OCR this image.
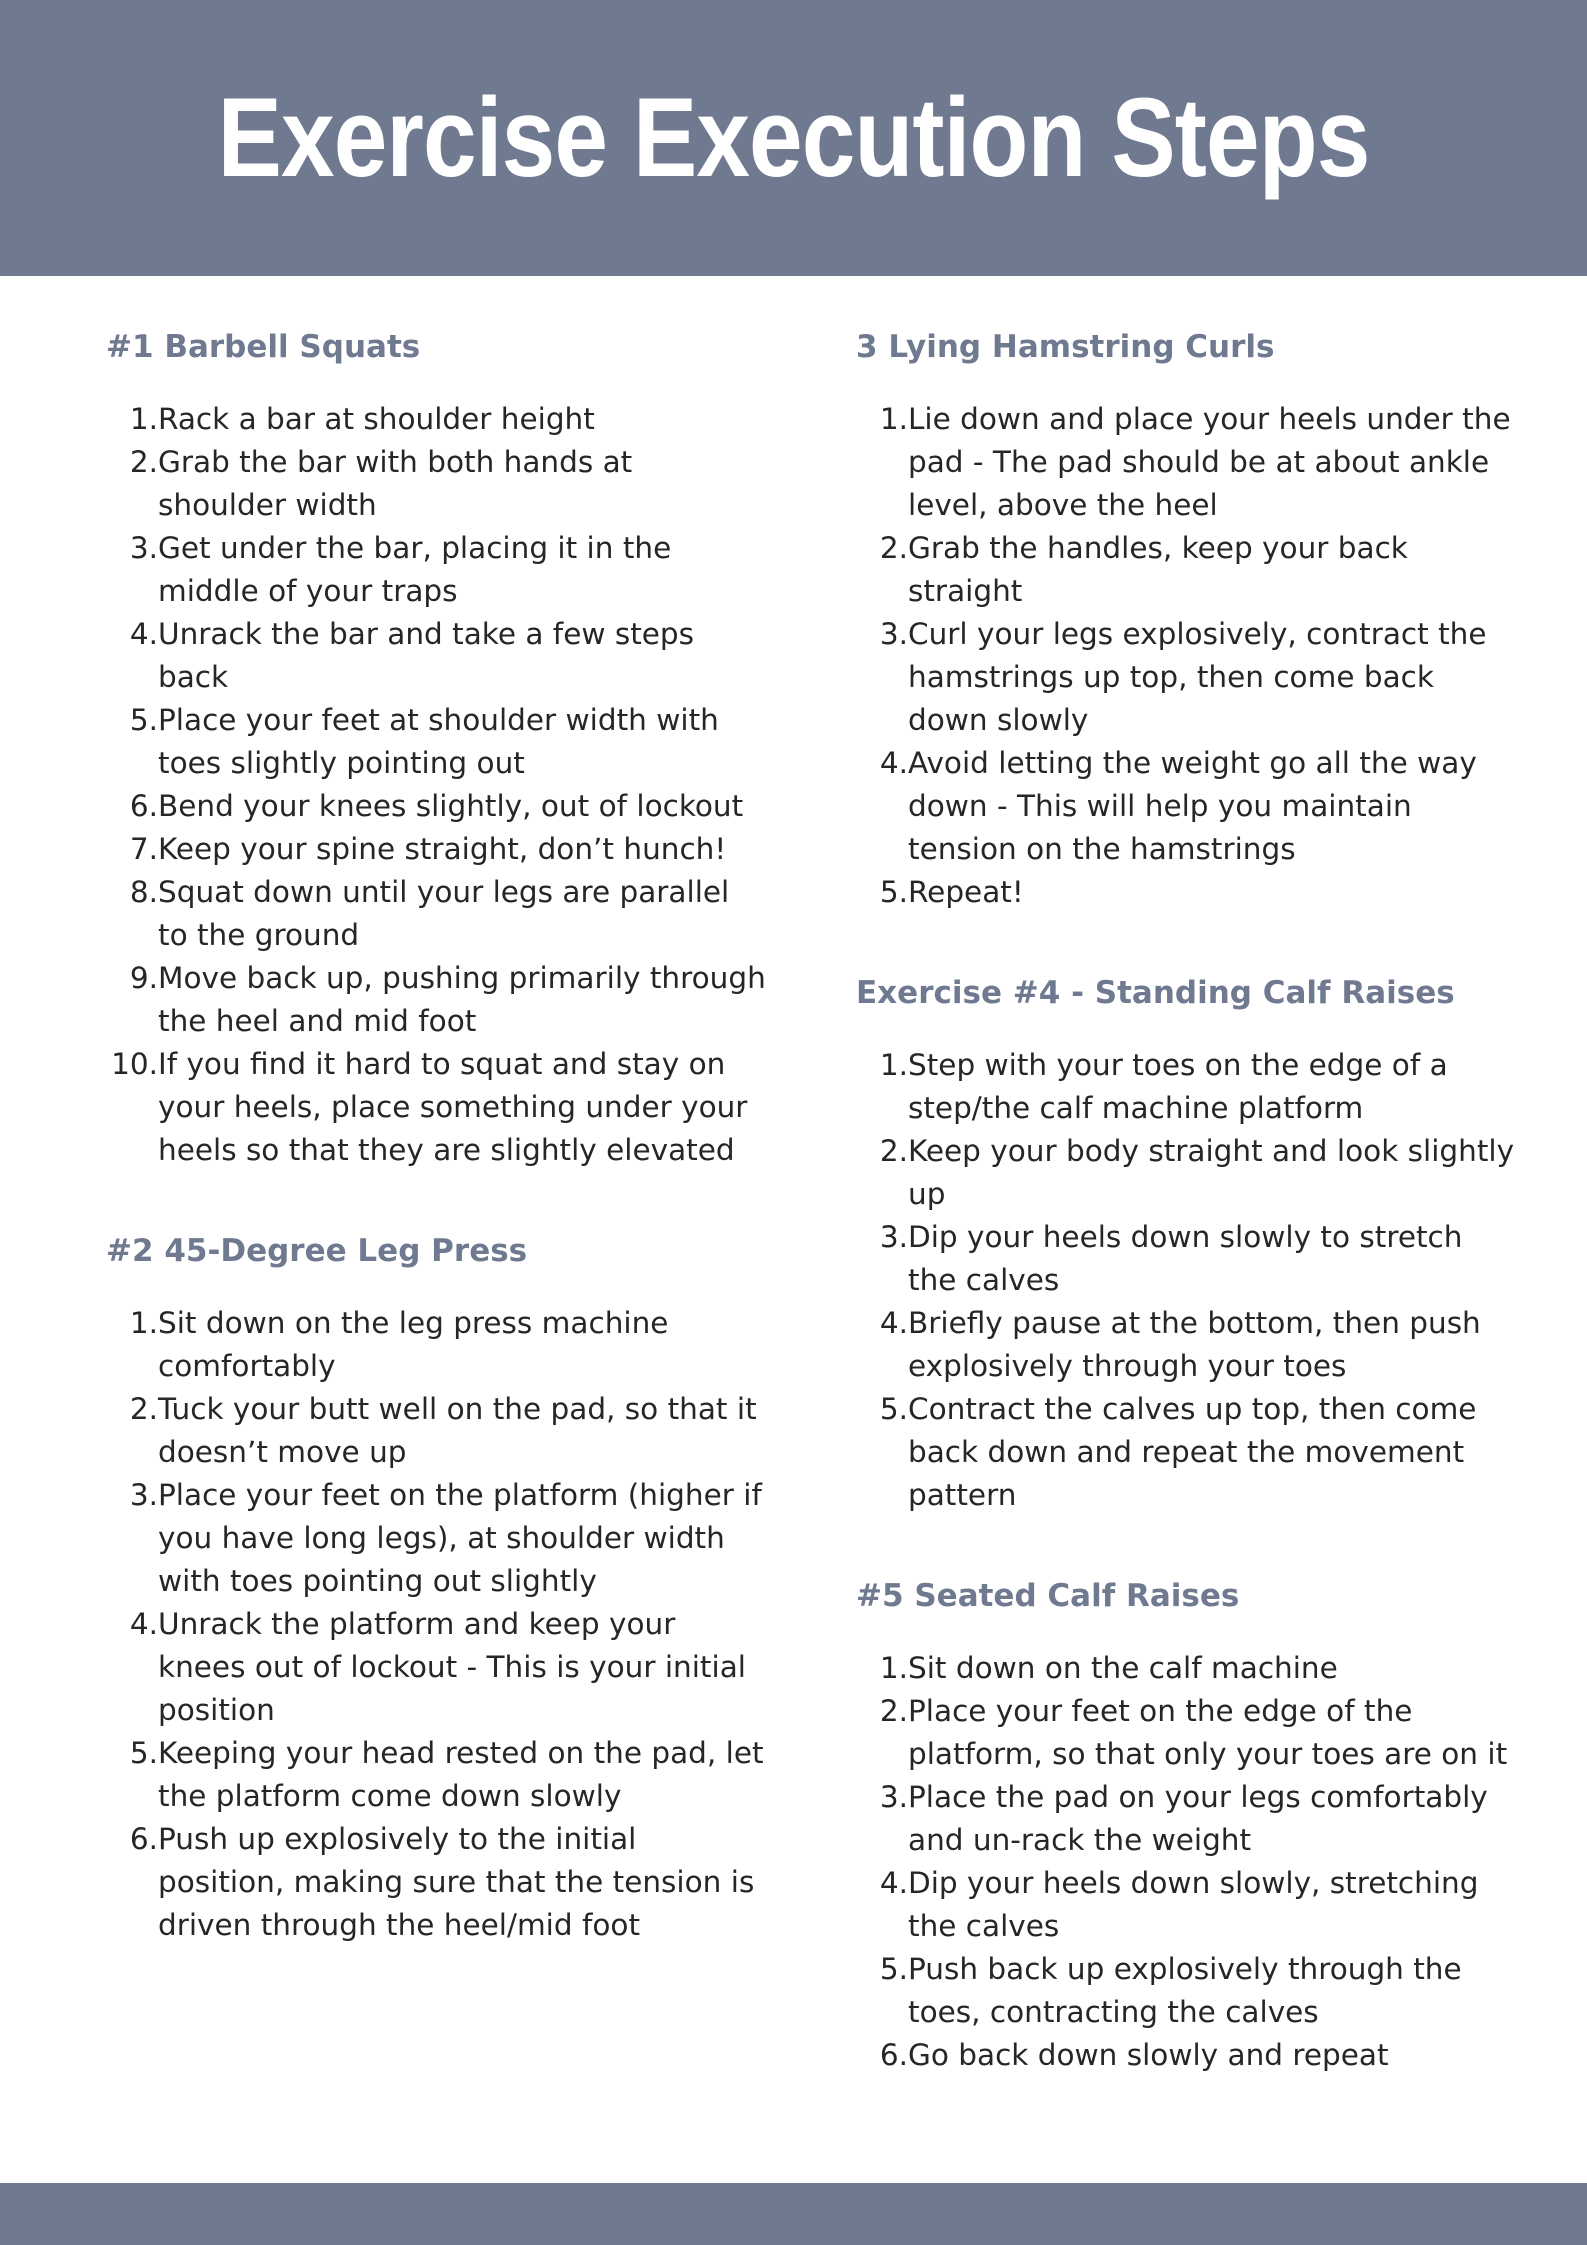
Exercise Execution Steps
#1 Barbell Squats
1. Rack a bar at shoulder height
2. Grab the bar with both hands at shoulder width
3. Get under the bar, placing it in the middle of your traps
4. Unrack the bar and take a few steps back
5. Place your feet at shoulder width with toes slightly pointing out
6. Bend your knees slightly, out of lockout
7. Keep your spine straight, don’t hunch!
8. Squat down until your legs are parallel to the ground
9. Move back up, pushing primarily through the heel and mid foot
10. If you find it hard to squat and stay on your heels, place something under your heels so that they are slightly elevated
#2 45-Degree Leg Press
1. Sit down on the leg press machine comfortably
2. Tuck your butt well on the pad, so that it doesn’t move up
3. Place your feet on the platform (higher if you have long legs), at shoulder width with toes pointing out slightly
4. Unrack the platform and keep your knees out of lockout - This is your initial position
5. Keeping your head rested on the pad, let the platform come down slowly
6. Push up explosively to the initial position, making sure that the tension is driven through the heel/mid foot
3 Lying Hamstring Curls
1. Lie down and place your heels under the pad - The pad should be at about ankle level, above the heel
2. Grab the handles, keep your back straight
3. Curl your legs explosively, contract the hamstrings up top, then come back down slowly
4. Avoid letting the weight go all the way down - This will help you maintain tension on the hamstrings
5. Repeat!
Exercise #4 - Standing Calf Raises
1. Step with your toes on the edge of a step/the calf machine platform
2. Keep your body straight and look slightly up
3. Dip your heels down slowly to stretch the calves
4. Briefly pause at the bottom, then push explosively through your toes
5. Contract the calves up top, then come back down and repeat the movement pattern
#5 Seated Calf Raises
1. Sit down on the calf machine
2. Place your feet on the edge of the platform, so that only your toes are on it
3. Place the pad on your legs comfortably and un-rack the weight
4. Dip your heels down slowly, stretching the calves
5. Push back up explosively through the toes, contracting the calves
6. Go back down slowly and repeat
